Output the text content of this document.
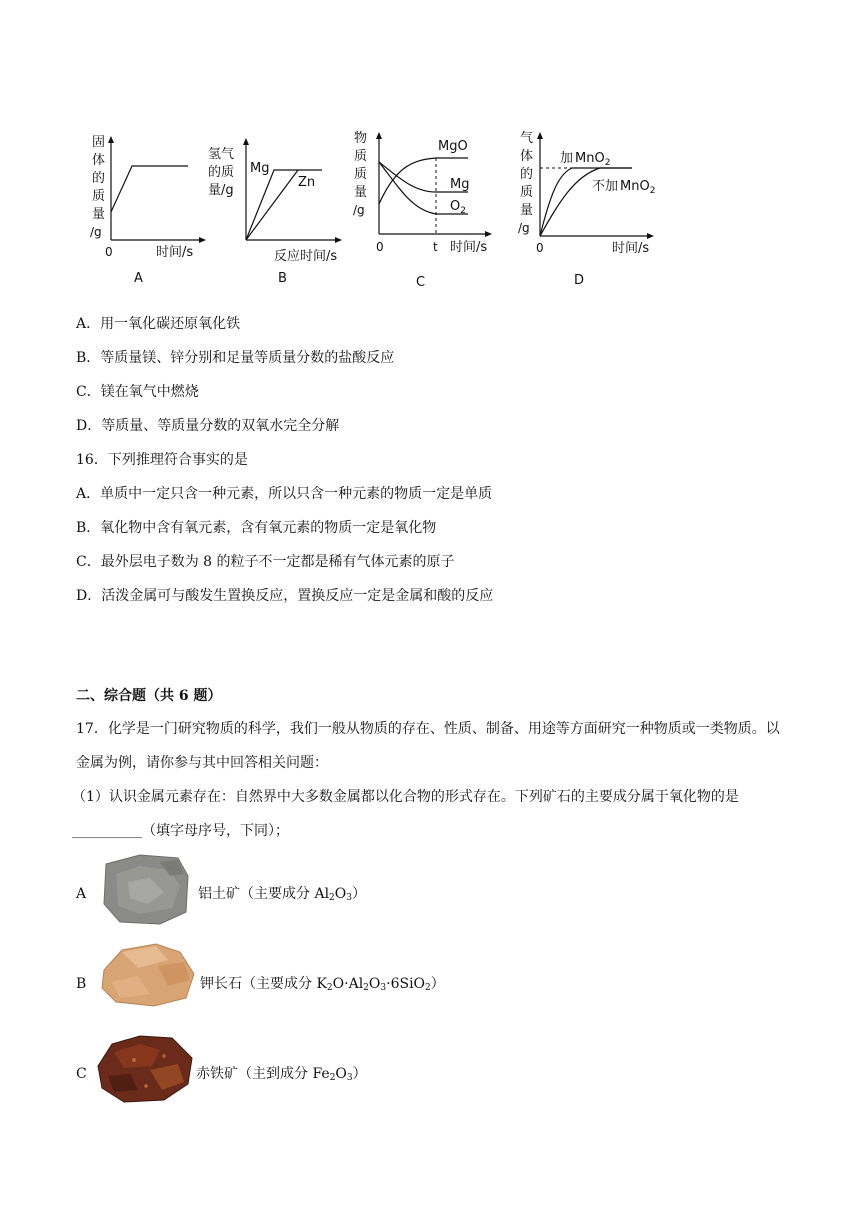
固
体
的
质
量
/g
0	时间/s
A
氢气
的质
量/g
Mg
Zn
反应时间/s
B
物
质
质
量
/g
0	t 时间/s
MgO
Mg
$O_2$
C
气
体
的
质
量
/g
加 MnO$_2$
不加 MnO$_2$
0	时间/s
D
A．用一氧化碳还原氧化铁
B．等质量镁、锌分别和足量等质量分数的盐酸反应
C．镁在氧气中燃烧
D．等质量、等质量分数的双氧水完全分解
16．下列推理符合事实的是
A．单质中一定只含一种元素，所以只含一种元素的物质一定是单质
B．氧化物中含有氧元素，含有氧元素的物质一定是氧化物
C．最外层电子数为 8 的粒子不一定都是稀有气体元素的原子
D．活泼金属可与酸发生置换反应，置换反应一定是金属和酸的反应
二、综合题（共 6 题）
17．化学是一门研究物质的科学，我们一般从物质的存在、性质、制备、用途等方面研究一种物质或一类物质。以金属为例，请你参与其中回答相关问题：
（1）认识金属元素存在：自然界中大多数金属都以化合物的形式存在。下列矿石的主要成分属于氧化物的是__________（填字母序号，下同）；
A	铝土矿（主要成分 $Al_2O_3$）
B	钾长石（主要成分 $K_2O\cdot Al_2O_3\cdot 6SiO_2$）
C	赤铁矿（主到成分 $Fe_2O_3$）
